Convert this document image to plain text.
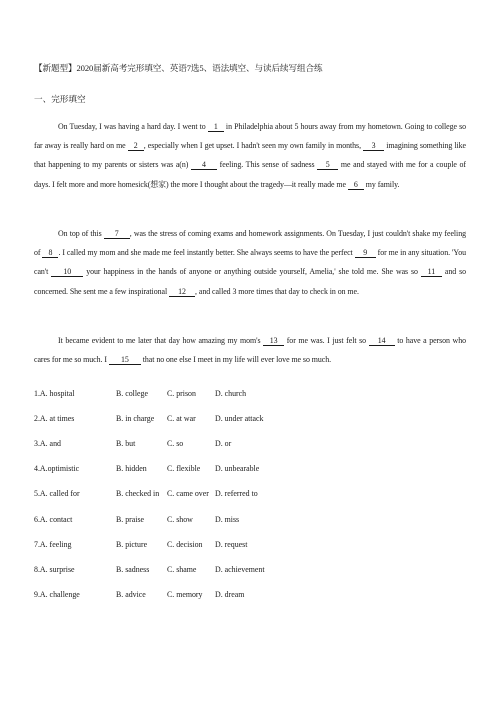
【新题型】2020届新高考完形填空、英语7选5、语法填空、与读后续写组合练
一、完形填空

On Tuesday, I was having a hard day. I went to 1 in Philadelphia about 5 hours away from my hometown. Going to college so far away is really hard on me 2 , especially when I get upset. I hadn't seen my own family in months, 3 imagining something like that happening to my parents or sisters was a(n) 4 feeling. This sense of sadness 5 me and stayed with me for a couple of days. I felt more and more homesick(想家) the more I thought about the tragedy—it really made me 6 my family.

On top of this 7 , was the stress of coming exams and homework assignments. On Tuesday, I just couldn't shake my feeling of 8 . I called my mom and she made me feel instantly better. She always seems to have the perfect 9 for me in any situation. 'You can't 10 your happiness in the hands of anyone or anything outside yourself, Amelia,' she told me. She was so 11 and so concerned. She sent me a few inspirational 12 , and called 3 more times that day to check in on me.

It became evident to me later that day how amazing my mom's 13 for me was. I just felt so 14 to have a person who cares for me so much. I 15 that no one else I meet in my life will ever love me so much.

1.A. hospital	B. college	C. prison	D. church
2.A. at times	B. in charge	C. at war	D. under attack
3.A. and	B. but	C. so	D. or
4.A.optimistic	B. hidden	C. flexible	D. unbearable
5.A. called for	B. checked in C. came over D. referred to
6.A. contact	B. praise	C. show	D. miss
7.A. feeling	B. picture	C. decision	D. request
8.A. surprise	B. sadness	C. shame	D. achievement
9.A. challenge	B. advice	C. memory	D. dream
